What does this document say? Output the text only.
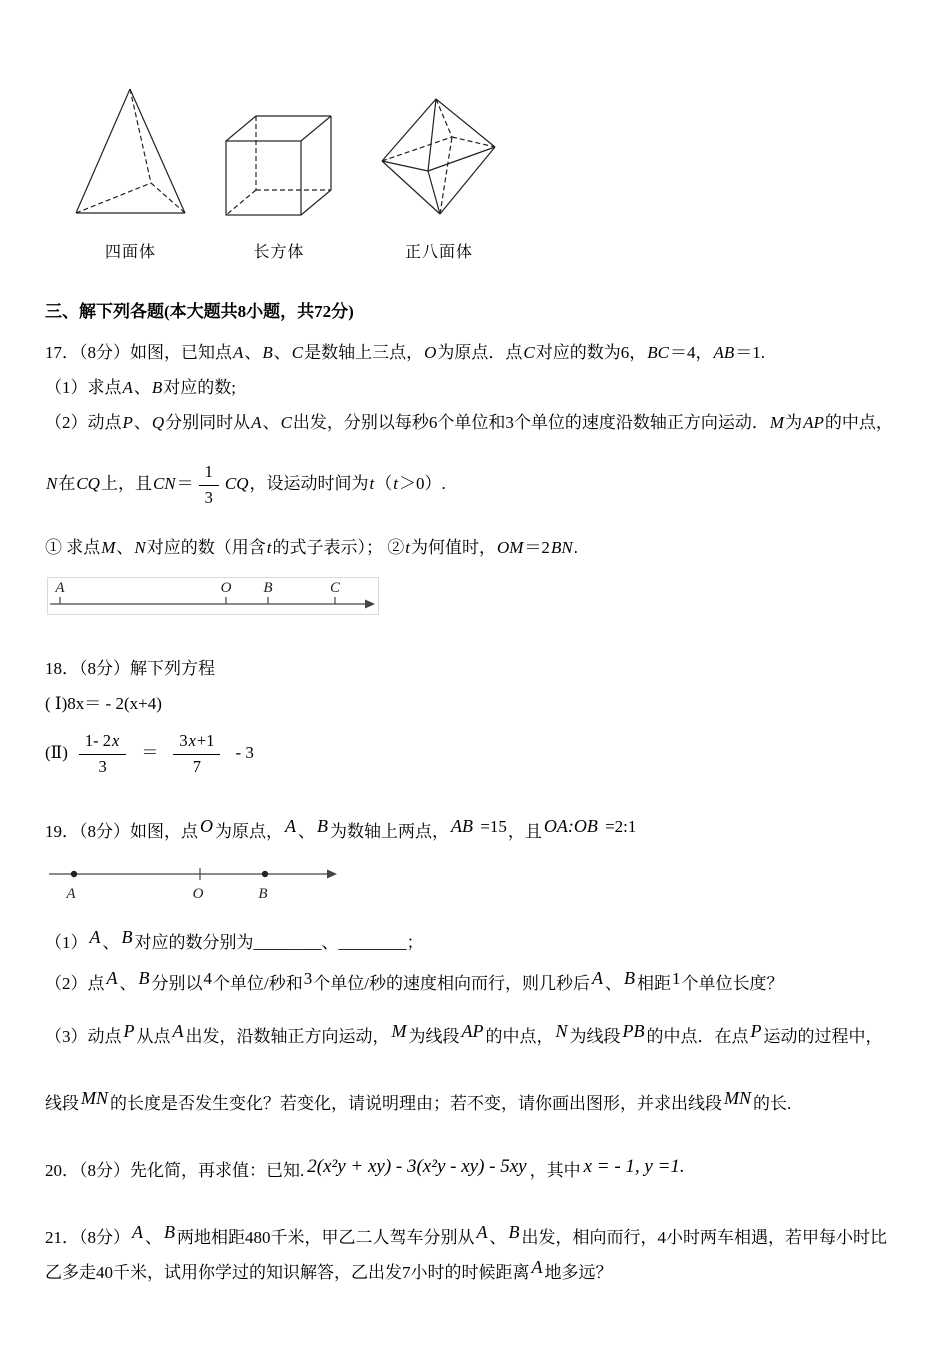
四面体	长方体	正八面体

三、解下列各题(本大题共8小题，共72分)

17．（8分）如图，已知点A、B、C是数轴上三点，O为原点．点C对应的数为6，BC＝4，AB＝1.

（1）求点A、B对应的数;

（2）动点P、Q分别同时从A、C出发，分别以每秒6个单位和3个单位的速度沿数轴正方向运动．M为AP的中点，

N在CQ上，且$CN= \frac{1}{3}$ CQ，设运动时间为t（t＞0）.

① 求点M、N对应的数（用含t的式子表示）； ②t为何值时，OM＝2BN.

A	O B	C

18．（8分）解下列方程

( Ⅰ)8x＝ - 2(x+4)

(Ⅱ) $\frac{1- 2x}{3} = \frac{3x+1}{7} - 3$

19．（8分）如图，点 O 为原点， A 、 B 为数轴上两点， AB =15，且 OA:OB =2:1

A	O	B

（1） A 、 B 对应的数分别为________、________；

（2）点 A 、 B 分别以4个单位/秒和3个单位/秒的速度相向而行，则几秒后 A 、 B 相距1个单位长度？

（3）动点 P 从点 A 出发，沿数轴正方向运动， M 为线段 AP 的中点， N 为线段 PB 的中点．在点 P 运动的过程中，

线段 MN 的长度是否发生变化？若变化，请说明理由；若不变，请你画出图形，并求出线段 MN 的长.

20．（8分）先化简，再求值：已知. 2(x²y + xy) - 3(x²y - xy) - 5xy ，其中 x = - 1, y =1.

21．（8分） A 、 B 两地相距480千米，甲乙二人驾车分别从 A 、 B 出发，相向而行，4小时两车相遇，若甲每小时比

乙多走40千米，试用你学过的知识解答，乙出发7小时的时候距离 A 地多远？
